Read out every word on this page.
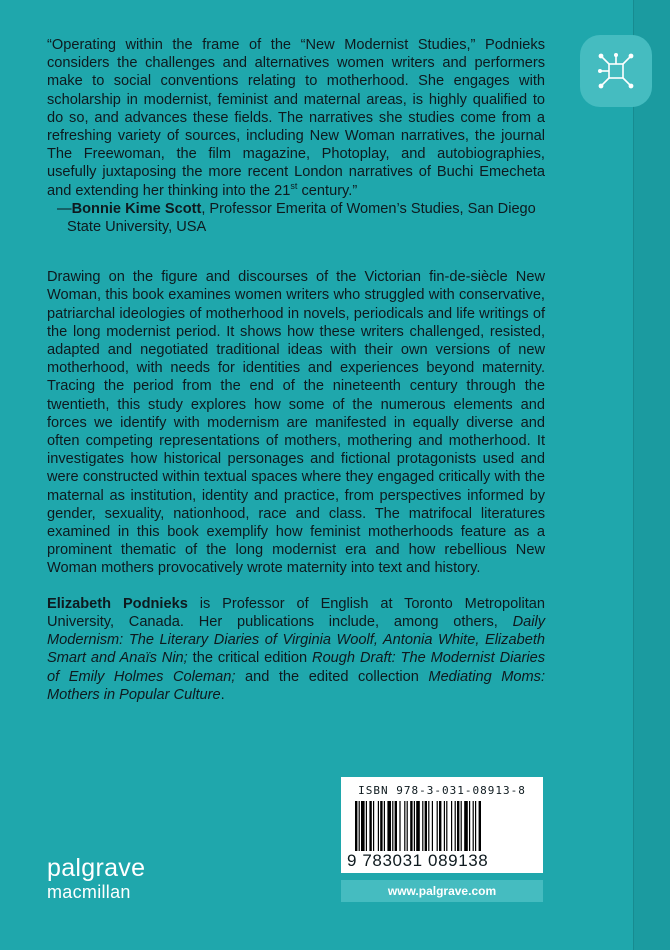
“Operating within the frame of the “New Modernist Studies,” Podnieks considers the challenges and alternatives women writers and performers make to social conventions relating to motherhood. She engages with scholarship in modernist, feminist and maternal areas, is highly qualified to do so, and advances these fields. The narratives she studies come from a refreshing variety of sources, including New Woman narratives, the journal The Freewoman, the film magazine, Photoplay, and autobiographies, usefully juxtaposing the more recent London narratives of Buchi Emecheta and extending her thinking into the 21st century.”

—Bonnie Kime Scott, Professor Emerita of Women’s Studies, San Diego State University, USA

Drawing on the figure and discourses of the Victorian fin-de-siècle New Woman, this book examines women writers who struggled with conservative, patriarchal ideologies of motherhood in novels, periodicals and life writings of the long modernist period. It shows how these writers challenged, resisted, adapted and negotiated traditional ideas with their own versions of new motherhood, with needs for identities and experiences beyond maternity. Tracing the period from the end of the nineteenth century through the twentieth, this study explores how some of the numerous elements and forces we identify with modernism are manifested in equally diverse and often competing representations of mothers, mothering and motherhood. It investigates how historical personages and fictional protagonists used and were constructed within textual spaces where they engaged critically with the maternal as institution, identity and practice, from perspectives informed by gender, sexuality, nationhood, race and class. The matrifocal literatures examined in this book exemplify how feminist motherhoods feature as a prominent thematic of the long modernist era and how rebellious New Woman mothers provocatively wrote maternity into text and history.

Elizabeth Podnieks is Professor of English at Toronto Metropolitan University, Canada. Her publications include, among others, Daily Modernism: The Literary Diaries of Virginia Woolf, Antonia White, Elizabeth Smart and Anaïs Nin; the critical edition Rough Draft: The Modernist Diaries of Emily Holmes Coleman; and the edited collection Mediating Moms: Mothers in Popular Culture.

ISBN 978-3-031-08913-8
9 783031 089138
www.palgrave.com
palgrave
macmillan
